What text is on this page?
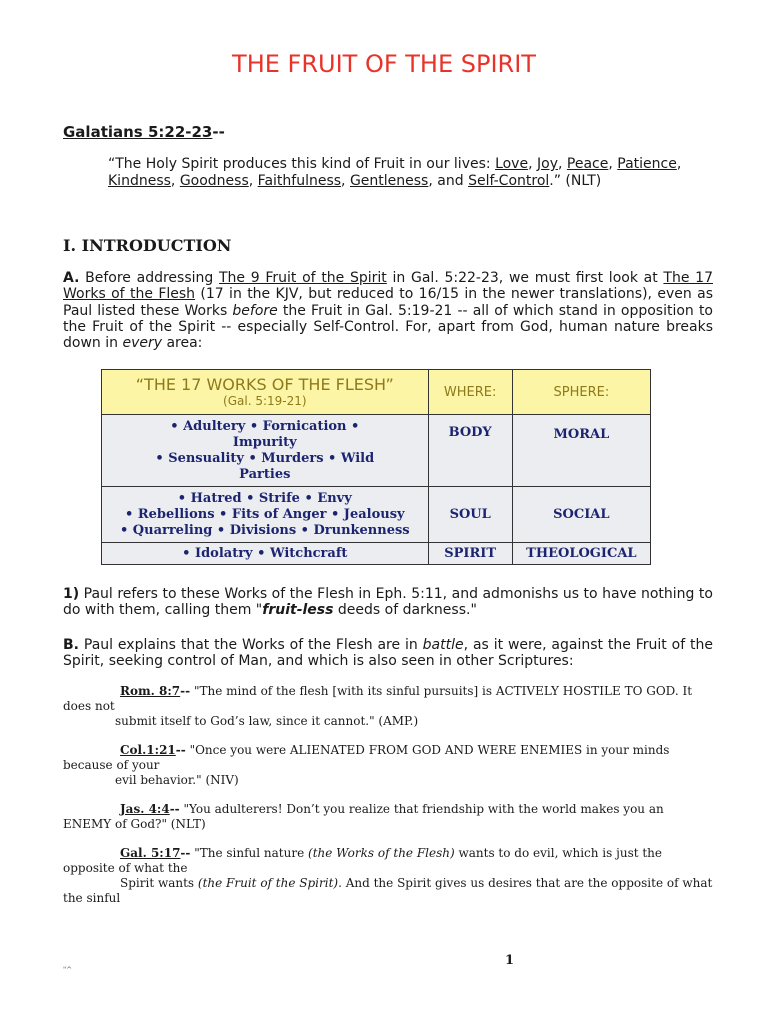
THE FRUIT OF THE SPIRIT
Galatians 5:22-23--
“The Holy Spirit produces this kind of Fruit in our lives: Love, Joy, Peace, Patience,
Kindness, Goodness, Faithfulness, Gentleness, and Self-Control.” (NLT)
I. INTRODUCTION
A. Before addressing The 9 Fruit of the Spirit in Gal. 5:22-23, we must first look at The 17 Works of the Flesh (17 in the KJV, but reduced to 16/15 in the newer translations), even as Paul listed these Works before the Fruit in Gal. 5:19-21 -- all of which stand in opposition to the Fruit of the Spirit -- especially Self-Control. For, apart from God, human nature breaks down in every area:
“THE 17 WORKS OF THE FLESH”
(Gal. 5:19-21)	WHERE:	SPHERE:

• Adultery • Fornication • Impurity
• Sensuality • Murders • Wild Parties	BODY	MORAL

• Hatred • Strife • Envy
• Rebellions • Fits of Anger • Jealousy
• Quarreling • Divisions • Drunkenness	SOUL	SOCIAL

• Idolatry • Witchcraft	SPIRIT	THEOLOGICAL
1) Paul refers to these Works of the Flesh in Eph. 5:11, and admonishs us to have nothing to do with them, calling them "fruit-less deeds of darkness."
B. Paul explains that the Works of the Flesh are in battle, as it were, against the Fruit of the Spirit, seeking control of Man, and which is also seen in other Scriptures:
Rom. 8:7-- "The mind of the flesh [with its sinful pursuits] is ACTIVELY HOSTILE TO GOD. It does not
submit itself to God’s law, since it cannot." (AMP.)
Col.1:21-- "Once you were ALIENATED FROM GOD AND WERE ENEMIES in your minds because of your
evil behavior." (NIV)
Jas. 4:4-- "You adulterers! Don’t you realize that friendship with the world makes you an ENEMY of God?" (NLT)
Gal. 5:17-- "The sinful nature (the Works of the Flesh) wants to do evil, which is just the opposite of what the
Spirit wants (the Fruit of the Spirit). And the Spirit gives us desires that are the opposite of what the sinful
1
"^
